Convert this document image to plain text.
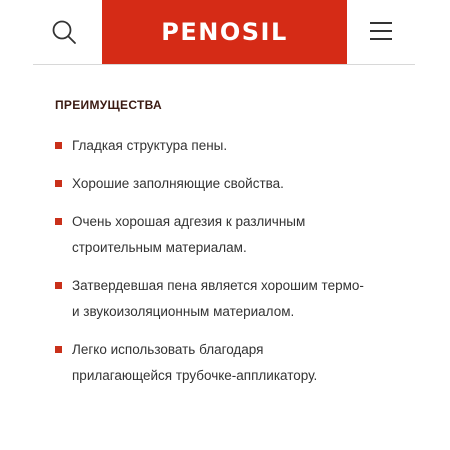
PENOSIL
ПРЕИМУЩЕСТВА
Гладкая структура пены.
Хорошие заполняющие свойства.
Очень хорошая адгезия к различным
строительным материалам.
Затвердевшая пена является хорошим термо-
и звукоизоляционным материалом.
Легко использовать благодаря
прилагающейся трубочке-аппликатору.
